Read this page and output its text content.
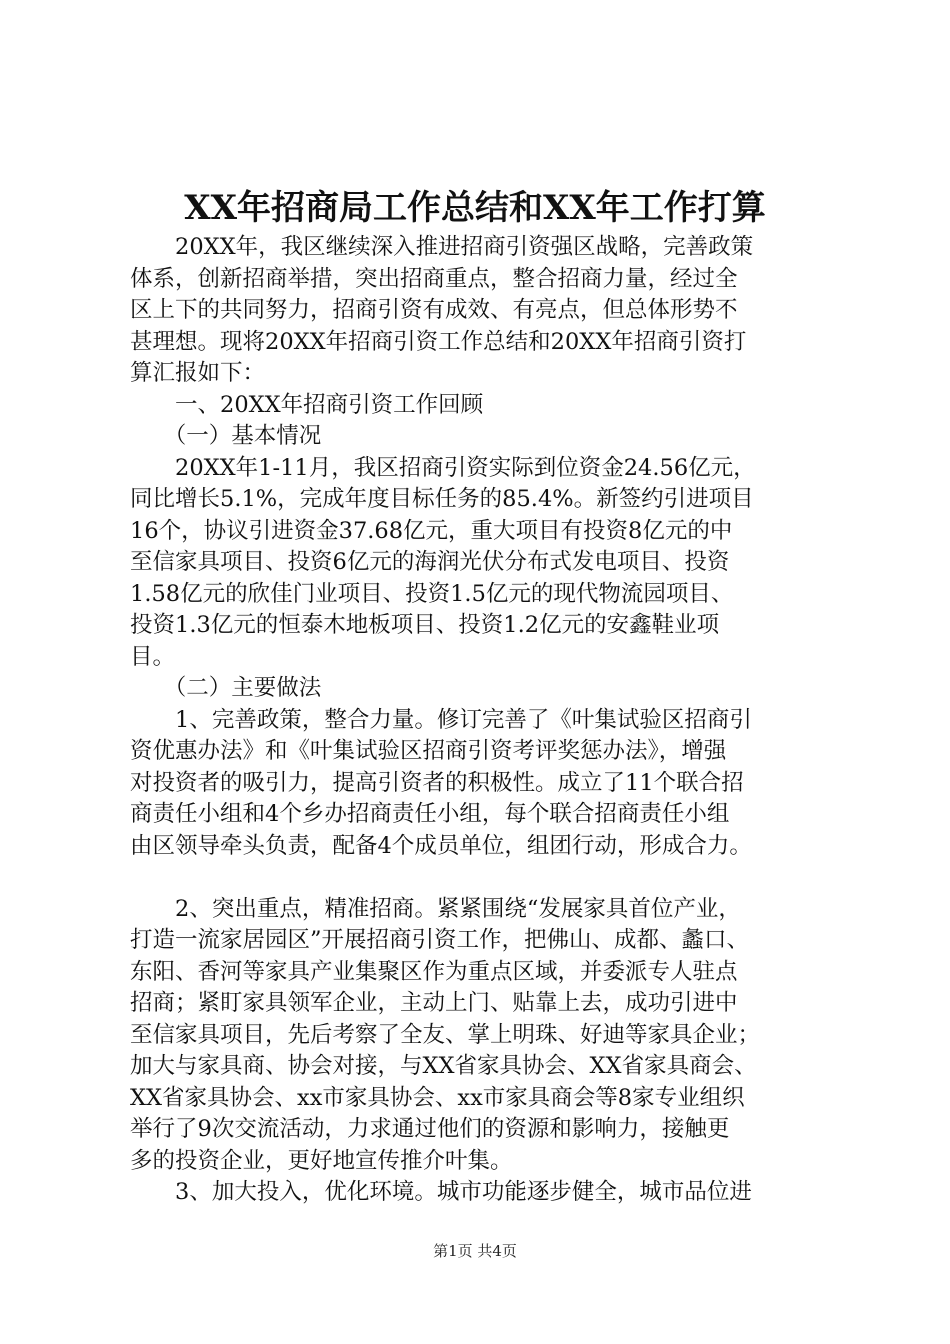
XX年招商局工作总结和XX年工作打算
　　20XX年，我区继续深入推进招商引资强区战略，完善政策
体系，创新招商举措，突出招商重点，整合招商力量，经过全
区上下的共同努力，招商引资有成效、有亮点，但总体形势不
甚理想。现将20XX年招商引资工作总结和20XX年招商引资打
算汇报如下：
　　一、20XX年招商引资工作回顾
　　（一）基本情况
　　20XX年1-11月，我区招商引资实际到位资金24.56亿元，
同比增长5.1%，完成年度目标任务的85.4%。新签约引进项目
16个，协议引进资金37.68亿元，重大项目有投资8亿元的中
至信家具项目、投资6亿元的海润光伏分布式发电项目、投资
1.58亿元的欣佳门业项目、投资1.5亿元的现代物流园项目、
投资1.3亿元的恒泰木地板项目、投资1.2亿元的安鑫鞋业项
目。
　　（二）主要做法
　　1、完善政策，整合力量。修订完善了《叶集试验区招商引
资优惠办法》和《叶集试验区招商引资考评奖惩办法》，增强
对投资者的吸引力，提高引资者的积极性。成立了11个联合招
商责任小组和4个乡办招商责任小组，每个联合招商责任小组
由区领导牵头负责，配备4个成员单位，组团行动，形成合力。
　　2、突出重点，精准招商。紧紧围绕“发展家具首位产业，
打造一流家居园区”开展招商引资工作，把佛山、成都、蠡口、
东阳、香河等家具产业集聚区作为重点区域，并委派专人驻点
招商；紧盯家具领军企业，主动上门、贴靠上去，成功引进中
至信家具项目，先后考察了全友、掌上明珠、好迪等家具企业；
加大与家具商、协会对接，与XX省家具协会、XX省家具商会、
XX省家具协会、xx市家具协会、xx市家具商会等8家专业组织
举行了9次交流活动，力求通过他们的资源和影响力，接触更
多的投资企业，更好地宣传推介叶集。
　　3、加大投入，优化环境。城市功能逐步健全，城市品位进
第1页 共4页
